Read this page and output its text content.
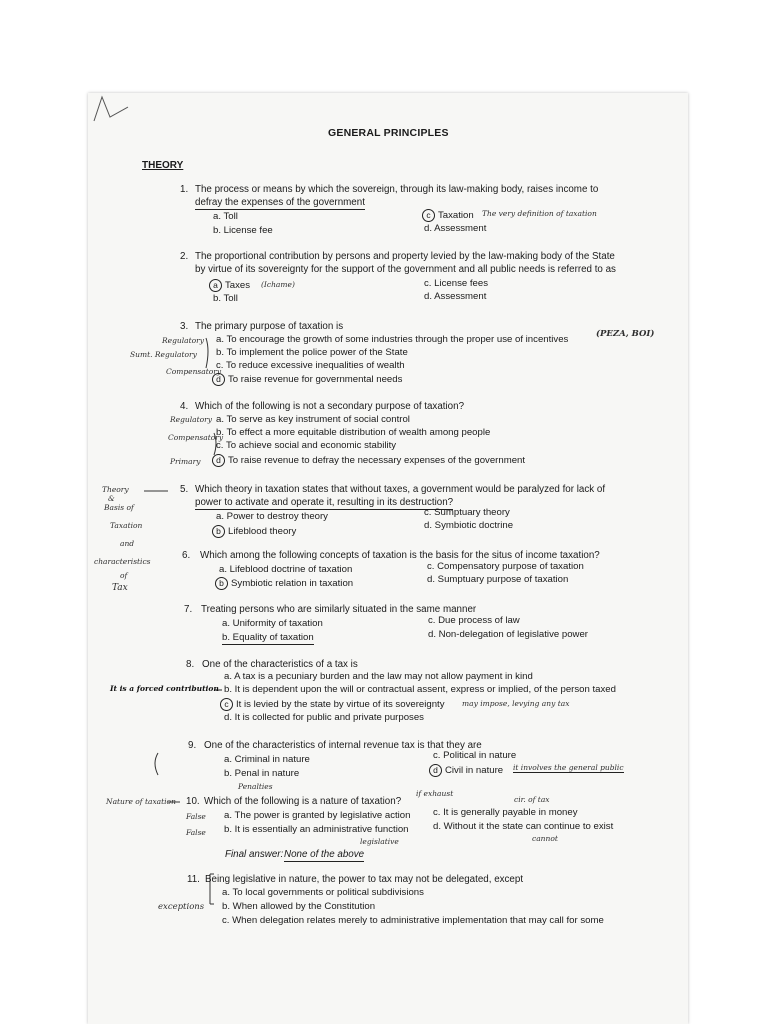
GENERAL PRINCIPLES
THEORY
1. The process or means by which the sovereign, through its law-making body, raises income to
defray the expenses of the government
a. Toll
b. License fee
c Taxation The very definition of taxation
d. Assessment
2. The proportional contribution by persons and property levied by the law-making body of the State
by virtue of its sovereignty for the support of the government and all public needs is referred to as
a Taxes (Ichame)
b. Toll
c. License fees
d. Assessment
3. The primary purpose of taxation is
Regulatory
Sumt. Regulatory
Compensatory
a. To encourage the growth of some industries through the proper use of incentives	(PEZA, BOI)
b. To implement the police power of the State
c. To reduce excessive inequalities of wealth
d To raise revenue for governmental needs
4. Which of the following is not a secondary purpose of taxation?
Regulatory
Compensatory
Primary
a. To serve as key instrument of social control
b. To effect a more equitable distribution of wealth among people
c. To achieve social and economic stability
d To raise revenue to defray the necessary expenses of the government
5. Which theory in taxation states that without taxes, a government would be paralyzed for lack of
power to activate and operate it, resulting in its destruction?
Theory
&
Basis of
Taxation
and
characteristics
of
Tax
a. Power to destroy theory
b Lifeblood theory
c. Sumptuary theory
d. Symbiotic doctrine
6. Which among the following concepts of taxation is the basis for the situs of income taxation?
a. Lifeblood doctrine of taxation
b Symbiotic relation in taxation
c. Compensatory purpose of taxation
d. Sumptuary purpose of taxation
7. Treating persons who are similarly situated in the same manner
a. Uniformity of taxation
b. Equality of taxation
c. Due process of law
d. Non-delegation of legislative power
8. One of the characteristics of a tax is
It is a forced contribution
a. A tax is a pecuniary burden and the law may not allow payment in kind
b. It is dependent upon the will or contractual assent, express or implied, of the person taxed
c It is levied by the state by virtue of its sovereignty may impose, levying any tax
d. It is collected for public and private purposes
9. One of the characteristics of internal revenue tax is that they are
a. Criminal in nature
b. Penal in nature
Penalties
c. Political in nature
d Civil in nature it involves the general public
Nature of taxation 10. Which of the following is a nature of taxation?
if exhaust
cir. of tax
False
False
a. The power is granted by legislative action
b. It is essentially an administrative function
legislative
c. It is generally payable in money
d. Without it the state can continue to exist
cannot
Final answer: None of the above
11. Being legislative in nature, the power to tax may not be delegated, except
exceptions
a. To local governments or political subdivisions
b. When allowed by the Constitution
c. When delegation relates merely to administrative implementation that may call for some
